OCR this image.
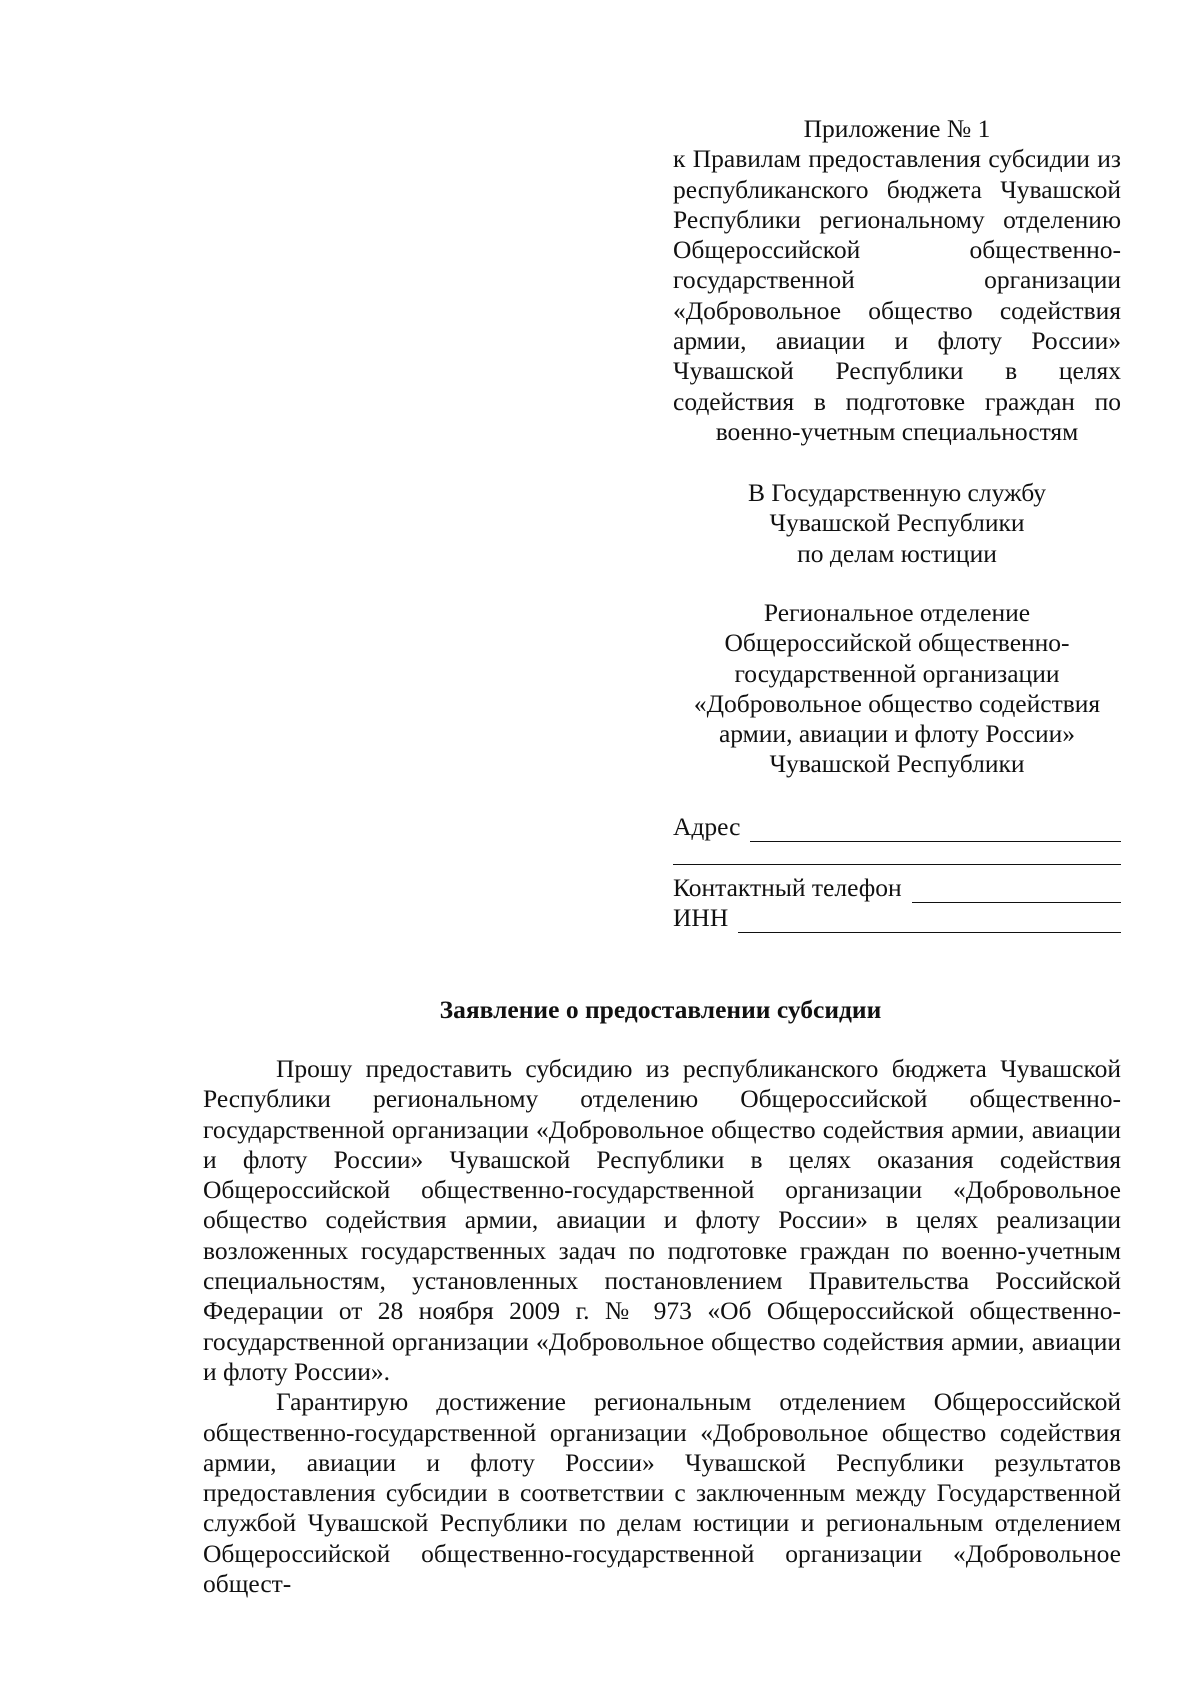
Приложение № 1
к Правилам предоставления субсидии из республиканского бюджета Чувашской Республики региональному отделению Общероссийской общественно-государственной организации «Добровольное общество содействия армии, авиации и флоту России» Чувашской Республики в целях содействия в подготовке граждан по военно-учетным специальностям
В Государственную службу
Чувашской Республики
по делам юстиции
Региональное отделение
Общероссийской общественно-
государственной организации
«Добровольное общество содействия
армии, авиации и флоту России»
Чувашской Республики
Адрес
Контактный телефон
ИНН
Заявление о предоставлении субсидии

Прошу предоставить субсидию из республиканского бюджета Чувашской Республики региональному отделению Общероссийской общественно-государственной организации «Добровольное общество содействия армии, авиации и флоту России» Чувашской Республики в целях оказания содействия Общероссийской общественно-государственной организации «Добровольное общество содействия армии, авиации и флоту России» в целях реализации возложенных государственных задач по подготовке граждан по военно-учетным специальностям, установленных постановлением Правительства Российской Федерации от 28 ноября 2009 г. № 973 «Об Общероссийской общественно-государственной организации «Добровольное общество содействия армии, авиации и флоту России».

Гарантирую достижение региональным отделением Общероссийской общественно-государственной организации «Добровольное общество содействия армии, авиации и флоту России» Чувашской Республики результатов предоставления субсидии в соответствии с заключенным между Государственной службой Чувашской Республики по делам юстиции и региональным отделением Общероссийской общественно-государственной организации «Добровольное общест-
